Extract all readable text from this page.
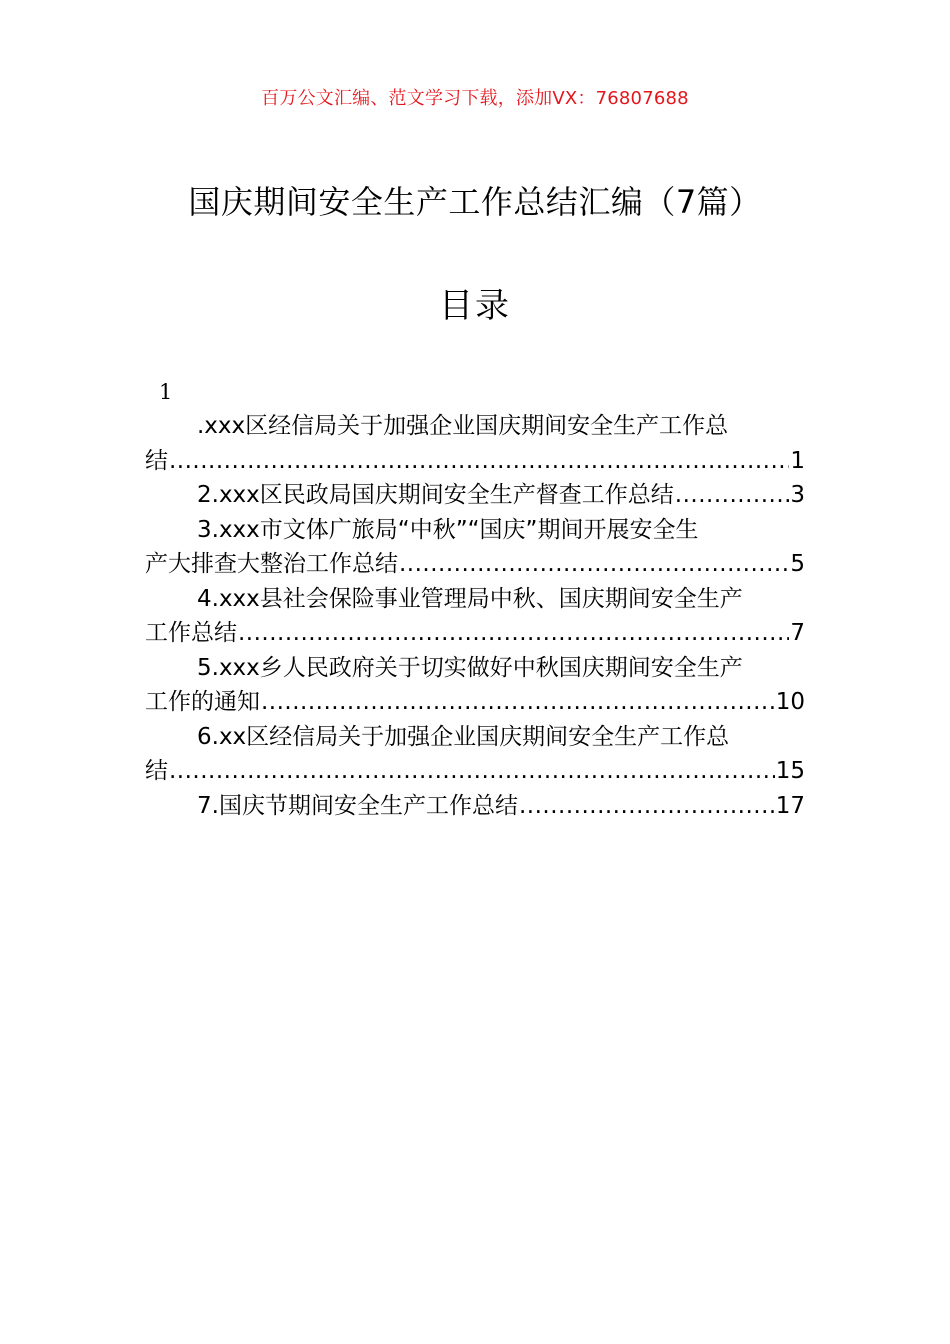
百万公文汇编、范文学习下载，添加VX：76807688
国庆期间安全生产工作总结汇编（7篇）
目录
1
.xxx区经信局关于加强企业国庆期间安全生产工作总
结 .....	1
2.xxx区民政局国庆期间安全生产督查工作总结 .....	3
3.xxx市文体广旅局“中秋”“国庆”期间开展安全生
产大排查大整治工作总结 .....	5
4.xxx县社会保险事业管理局中秋、国庆期间安全生产
工作总结 .....	7
5.xxx乡人民政府关于切实做好中秋国庆期间安全生产
工作的通知 .....	10
6.xx区经信局关于加强企业国庆期间安全生产工作总
结 .....	15
7.国庆节期间安全生产工作总结 .....	17
